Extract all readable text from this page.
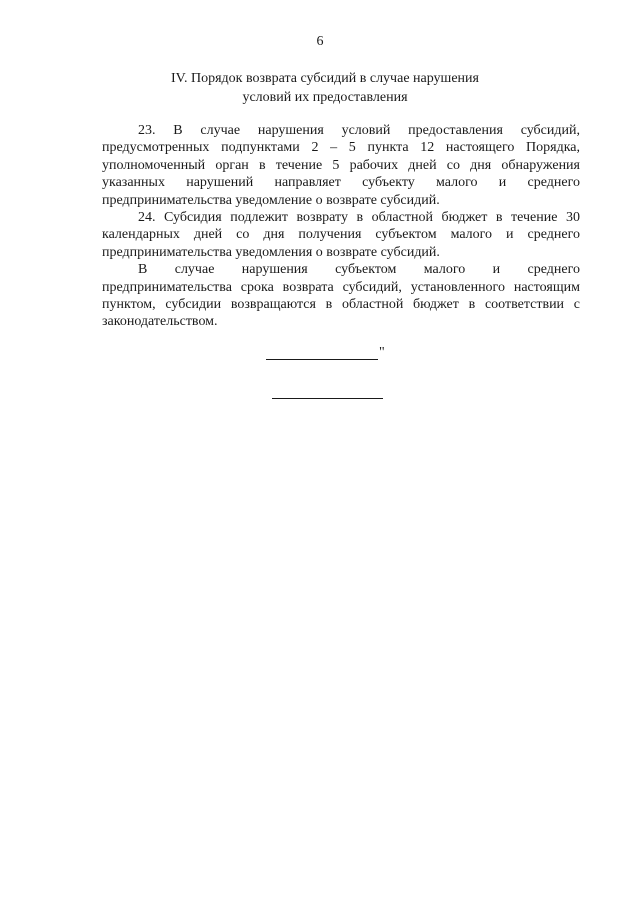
6
IV. Порядок возврата субсидий в случае нарушения
условий их предоставления

23. В случае нарушения условий предоставления субсидий,
предусмотренных подпунктами 2 – 5 пункта 12 настоящего Порядка,
уполномоченный орган в течение 5 рабочих дней со дня обнаружения
указанных нарушений направляет субъекту малого и среднего
предпринимательства уведомление о возврате субсидий.

24. Субсидия подлежит возврату в областной бюджет в течение 30
календарных дней со дня получения субъектом малого и среднего
предпринимательства уведомления о возврате субсидий.

В случае нарушения субъектом малого и среднего
предпринимательства срока возврата субсидий, установленного настоящим
пунктом, субсидии возвращаются в областной бюджет в соответствии с
законодательством.

"
